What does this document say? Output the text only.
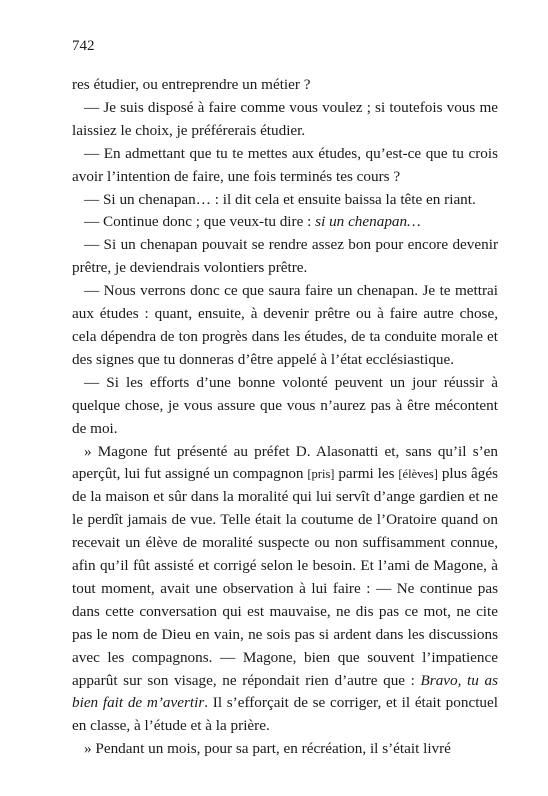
742

res étudier, ou entreprendre un métier ?

— Je suis disposé à faire comme vous voulez ; si toutefois vous me laissiez le choix, je préférerais étudier.

— En admettant que tu te mettes aux études, qu’est-ce que tu crois avoir l’intention de faire, une fois terminés tes cours ?

— Si un chenapan… : il dit cela et ensuite baissa la tête en riant.

— Continue donc ; que veux-tu dire : si un chenapan…

— Si un chenapan pouvait se rendre assez bon pour encore devenir prêtre, je deviendrais volontiers prêtre.

— Nous verrons donc ce que saura faire un chenapan. Je te mettrai aux études : quant, ensuite, à devenir prêtre ou à faire autre chose, cela dépendra de ton progrès dans les études, de ta conduite morale et des signes que tu donneras d’être appelé à l’état ecclésiastique.

— Si les efforts d’une bonne volonté peuvent un jour réussir à quelque chose, je vous assure que vous n’aurez pas à être mécontent de moi.

» Magone fut présenté au préfet D. Alasonatti et, sans qu’il s’en aperçût, lui fut assigné un compagnon [pris] parmi les [élèves] plus âgés de la maison et sûr dans la moralité qui lui servît d’ange gardien et ne le perdît jamais de vue. Telle était la coutume de l’Oratoire quand on recevait un élève de moralité suspecte ou non suffisamment connue, afin qu’il fût assisté et corrigé selon le besoin. Et l’ami de Magone, à tout moment, avait une observation à lui faire : — Ne continue pas dans cette conversation qui est mauvaise, ne dis pas ce mot, ne cite pas le nom de Dieu en vain, ne sois pas si ardent dans les discussions avec les compagnons. — Magone, bien que souvent l’impatience apparût sur son visage, ne répondait rien d’autre que : Bravo, tu as bien fait de m’avertir. Il s’efforçait de se corriger, et il était ponctuel en classe, à l’étude et à la prière.

» Pendant un mois, pour sa part, en récréation, il s’était livré
